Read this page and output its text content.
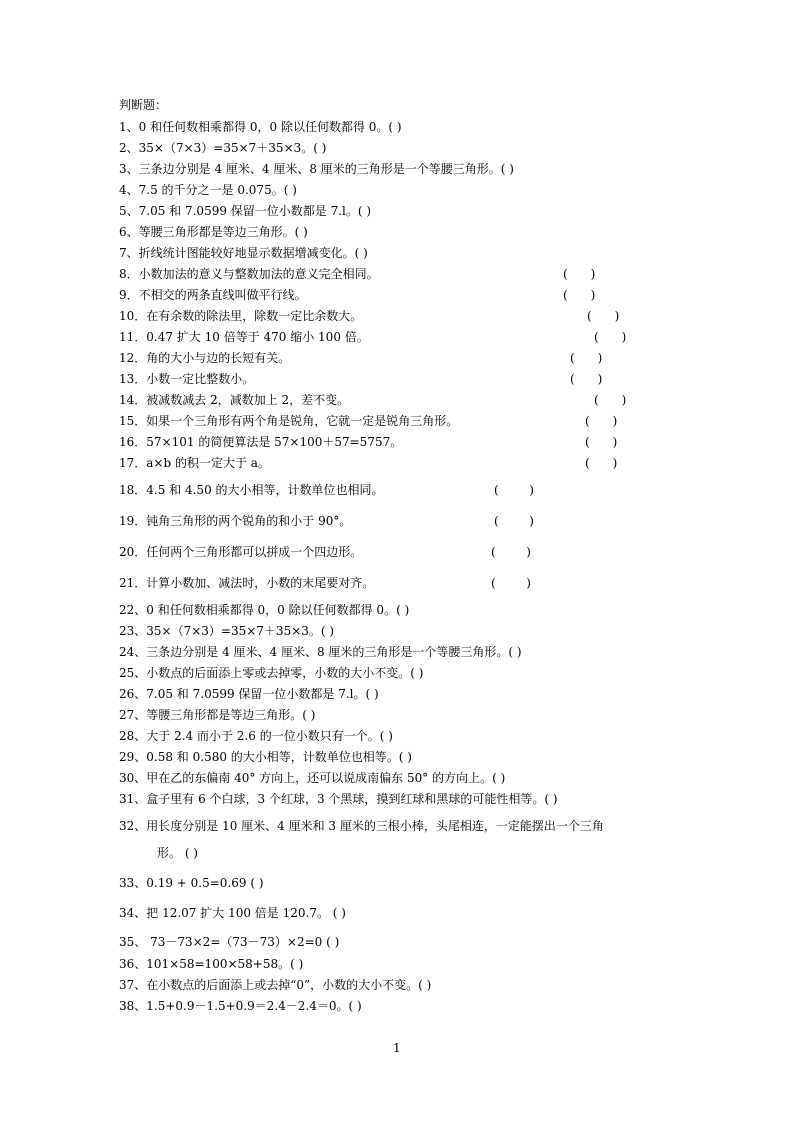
判断题：
1、0 和任何数相乘都得 0，0 除以任何数都得 0。( )
2、35×（7×3）=35×7＋35×3。( )
3、三条边分别是 4 厘米、4 厘米、8 厘米的三角形是一个等腰三角形。( )
4、7.5 的千分之一是 0.075。( )
5、7.05 和 7.0599 保留一位小数都是 7.l。( )
6、等腰三角形都是等边三角形。( )
7、折线统计图能较好地显示数据增减变化。( )
8．小数加法的意义与整数加法的意义完全相同。	(      )
9．不相交的两条直线叫做平行线。	(      )
10．在有余数的除法里，除数一定比余数大。	(      )
11．0.47 扩大 10 倍等于 470 缩小 100 倍。	(      )
12．角的大小与边的长短有关。	(      )
13．小数一定比整数小。	(      )
14．被减数减去 2，减数加上 2，差不变。	(      )
15．如果一个三角形有两个角是锐角，它就一定是锐角三角形。	(      )
16．57×101 的简便算法是 57×100＋57=5757。	(      )
17．a×b 的积一定大于 a。	(      )
18．4.5 和 4.50 的大小相等，计数单位也相同。	(        )
19．钝角三角形的两个锐角的和小于 90°。	(        )
20．任何两个三角形都可以拼成一个四边形。	(        )
21．计算小数加、减法时，小数的末尾要对齐。	(        )
22、0 和任何数相乘都得 0，0 除以任何数都得 0。( )
23、35×（7×3）=35×7＋35×3。( )
24、三条边分别是 4 厘米、4 厘米、8 厘米的三角形是一个等腰三角形。( )
25、小数点的后面添上零或去掉零，小数的大小不变。( )
26、7.05 和 7.0599 保留一位小数都是 7.l。( )
27、等腰三角形都是等边三角形。( )
28、大于 2.4 而小于 2.6 的一位小数只有一个。( )
29、0.58 和 0.580 的大小相等，计数单位也相等。( )
30、甲在乙的东偏南 40° 方向上，还可以说成南偏东 50° 的方向上。( )
31、盒子里有 6 个白球，3 个红球，3 个黑球，摸到红球和黑球的可能性相等。( )
32、用长度分别是 10 厘米、4 厘米和 3 厘米的三根小棒，头尾相连，一定能摆出一个三角
形。 ( )
33、0.19 + 0.5=0.69 ( )
34、把 12.07 扩大 100 倍是 120.7。 ( )
35、 73－73×2=（73－73）×2=0 ( )
36、101×58=100×58+58。( )
37、在小数点的后面添上或去掉“0”，小数的大小不变。( )
38、1.5+0.9－1.5+0.9＝2.4－2.4＝0。( )
1
